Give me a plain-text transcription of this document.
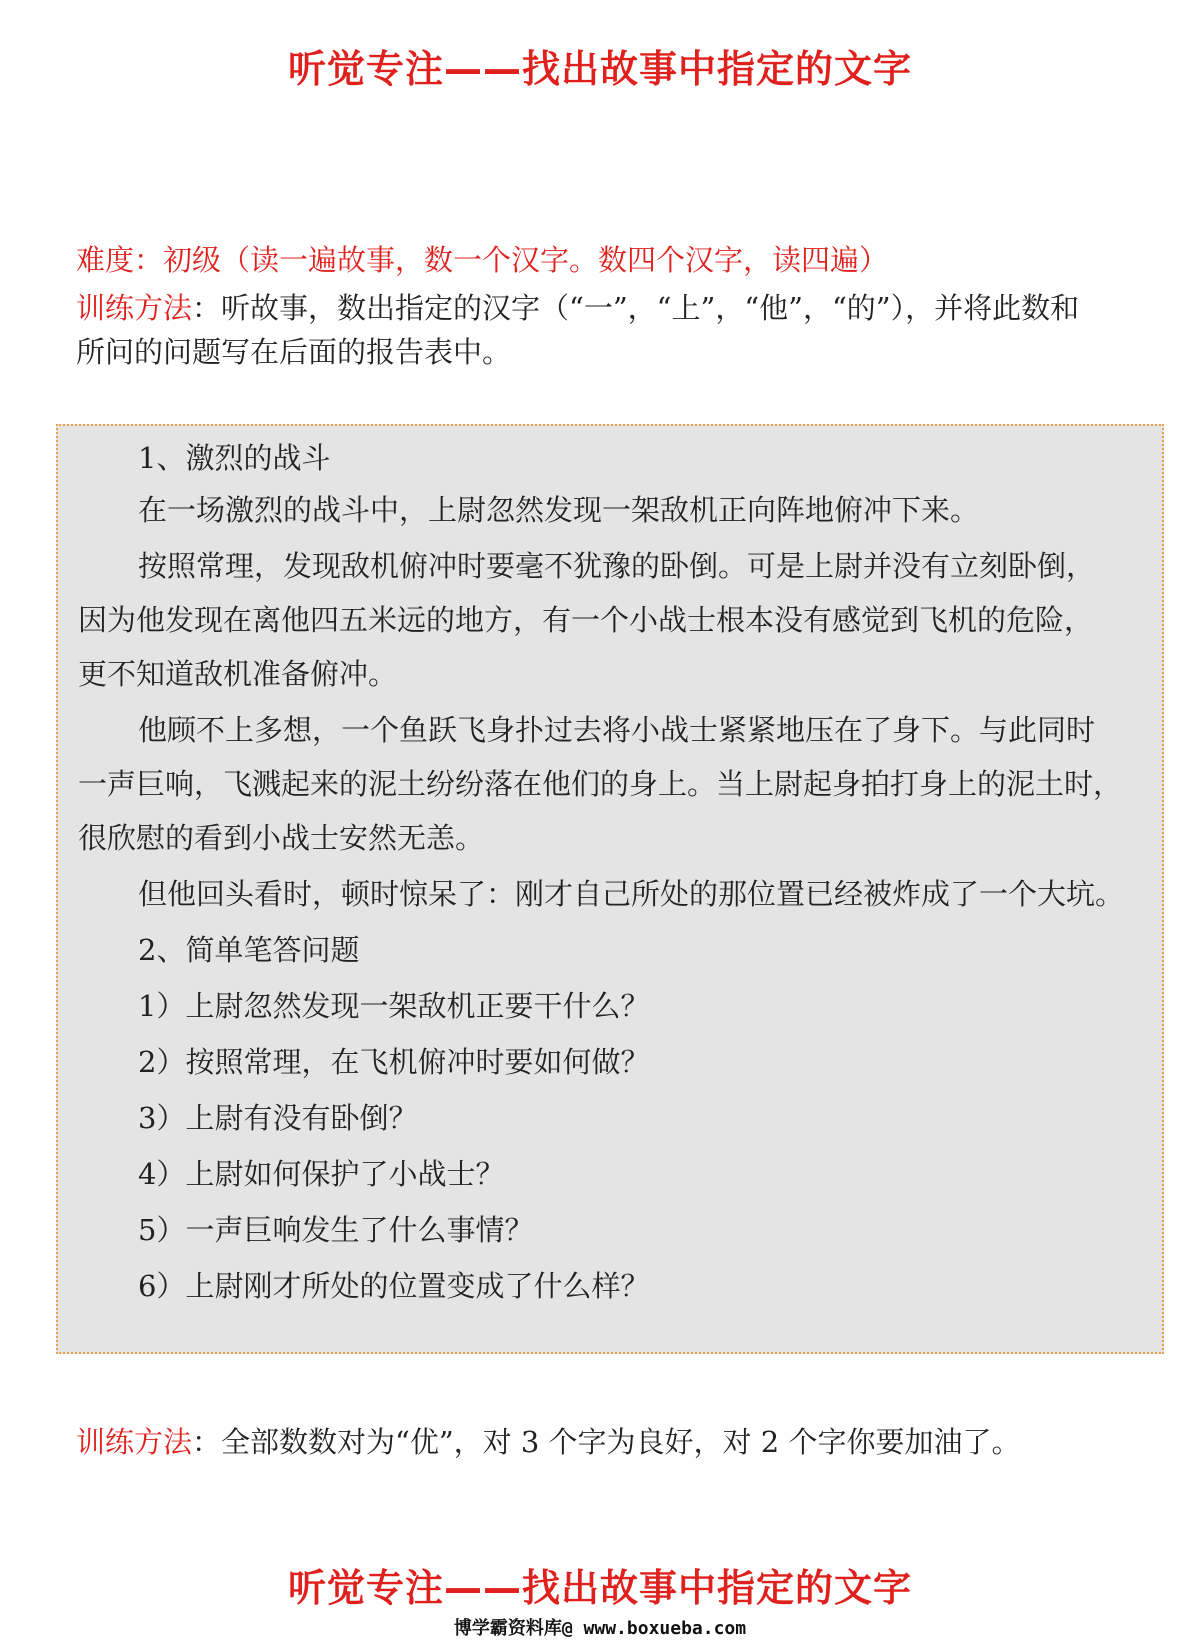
听觉专注——找出故事中指定的文字
难度：初级（读一遍故事，数一个汉字。数四个汉字，读四遍）
训练方法：听故事，数出指定的汉字（“一”，“上”，“他”，“的”），并将此数和
所问的问题写在后面的报告表中。
1、激烈的战斗
在一场激烈的战斗中，上尉忽然发现一架敌机正向阵地俯冲下来。
按照常理，发现敌机俯冲时要毫不犹豫的卧倒。可是上尉并没有立刻卧倒，
因为他发现在离他四五米远的地方，有一个小战士根本没有感觉到飞机的危险，
更不知道敌机准备俯冲。
他顾不上多想，一个鱼跃飞身扑过去将小战士紧紧地压在了身下。与此同时
一声巨响，飞溅起来的泥土纷纷落在他们的身上。当上尉起身拍打身上的泥土时，
很欣慰的看到小战士安然无恙。
但他回头看时，顿时惊呆了：刚才自己所处的那位置已经被炸成了一个大坑。
2、简单笔答问题
1）上尉忽然发现一架敌机正要干什么？
2）按照常理，在飞机俯冲时要如何做？
3）上尉有没有卧倒？
4）上尉如何保护了小战士？
5）一声巨响发生了什么事情？
6）上尉刚才所处的位置变成了什么样？
训练方法：全部数数对为“优”，对 3 个字为良好，对 2 个字你要加油了。
听觉专注——找出故事中指定的文字
博学霸资料库@ www.boxueba.com
